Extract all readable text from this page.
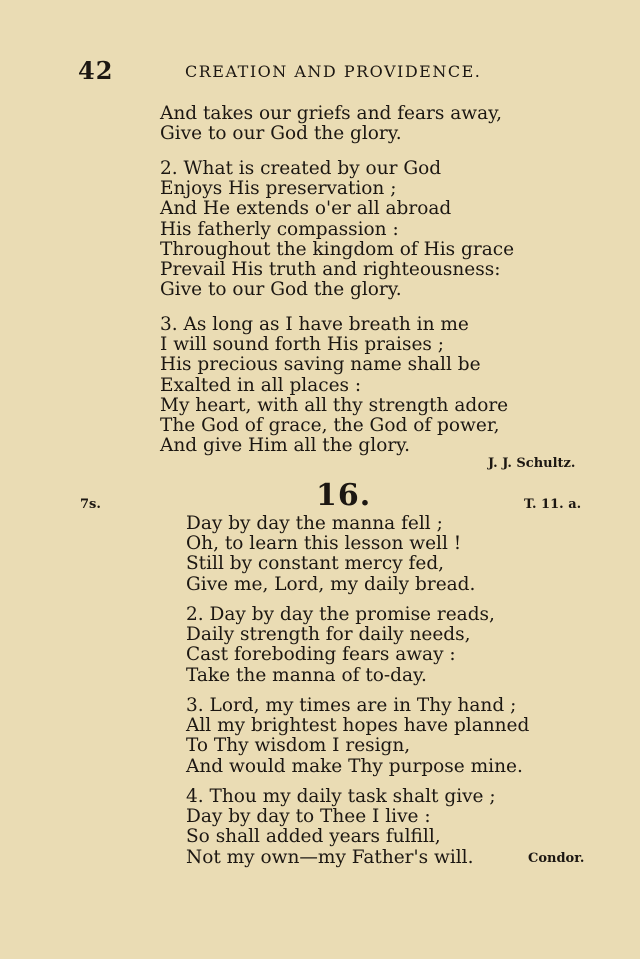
42	CREATION AND PROVIDENCE.
And takes our griefs and fears away,
Give to our God the glory.
2. What is created by our God
Enjoys His preservation ;
And He extends o'er all abroad
His fatherly compassion :
Throughout the kingdom of His grace
Prevail His truth and righteousness:
Give to our God the glory.
3. As long as I have breath in me
I will sound forth His praises ;
His precious saving name shall be
Exalted in all places :
My heart, with all thy strength adore
The God of grace, the God of power,
And give Him all the glory.
J. J. Schultz.
7s.	16.	T. 11. a.
Day by day the manna fell ;
Oh, to learn this lesson well !
Still by constant mercy fed,
Give me, Lord, my daily bread.
2. Day by day the promise reads,
Daily strength for daily needs,
Cast foreboding fears away :
Take the manna of to-day.
3. Lord, my times are in Thy hand ;
All my brightest hopes have planned
To Thy wisdom I resign,
And would make Thy purpose mine.
4. Thou my daily task shalt give ;
Day by day to Thee I live :
So shall added years fulfill,
Not my own—my Father's will.	Condor.
